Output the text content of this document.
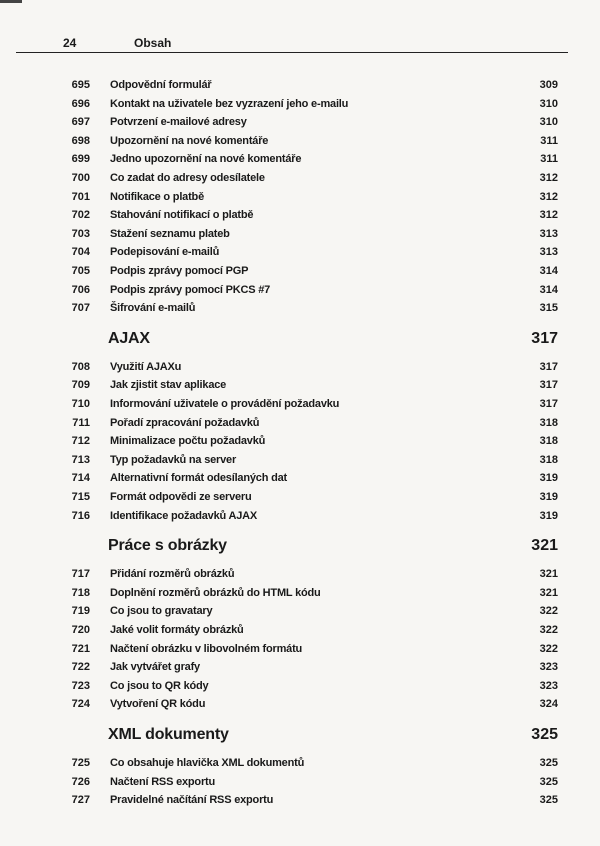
24	Obsah
695 Odpovědní formulář	309
696 Kontakt na uživatele bez vyzrazení jeho e-mailu	310
697 Potvrzení e-mailové adresy	310
698 Upozornění na nové komentáře	311
699 Jedno upozornění na nové komentáře	311
700 Co zadat do adresy odesílatele	312
701 Notifikace o platbě	312
702 Stahování notifikací o platbě	312
703 Stažení seznamu plateb	313
704 Podepisování e-mailů	313
705 Podpis zprávy pomocí PGP	314
706 Podpis zprávy pomocí PKCS #7	314
707 Šifrování e-mailů	315
AJAX	317
708 Využití AJAXu	317
709 Jak zjistit stav aplikace	317
710 Informování uživatele o provádění požadavku	317
711 Pořadí zpracování požadavků	318
712 Minimalizace počtu požadavků	318
713 Typ požadavků na server	318
714 Alternativní formát odesílaných dat	319
715 Formát odpovědi ze serveru	319
716 Identifikace požadavků AJAX	319
Práce s obrázky	321
717 Přidání rozměrů obrázků	321
718 Doplnění rozměrů obrázků do HTML kódu	321
719 Co jsou to gravatary	322
720 Jaké volit formáty obrázků	322
721 Načtení obrázku v libovolném formátu	322
722 Jak vytvářet grafy	323
723 Co jsou to QR kódy	323
724 Vytvoření QR kódu	324
XML dokumenty	325
725 Co obsahuje hlavička XML dokumentů	325
726 Načtení RSS exportu	325
727 Pravidelné načítání RSS exportu	325
